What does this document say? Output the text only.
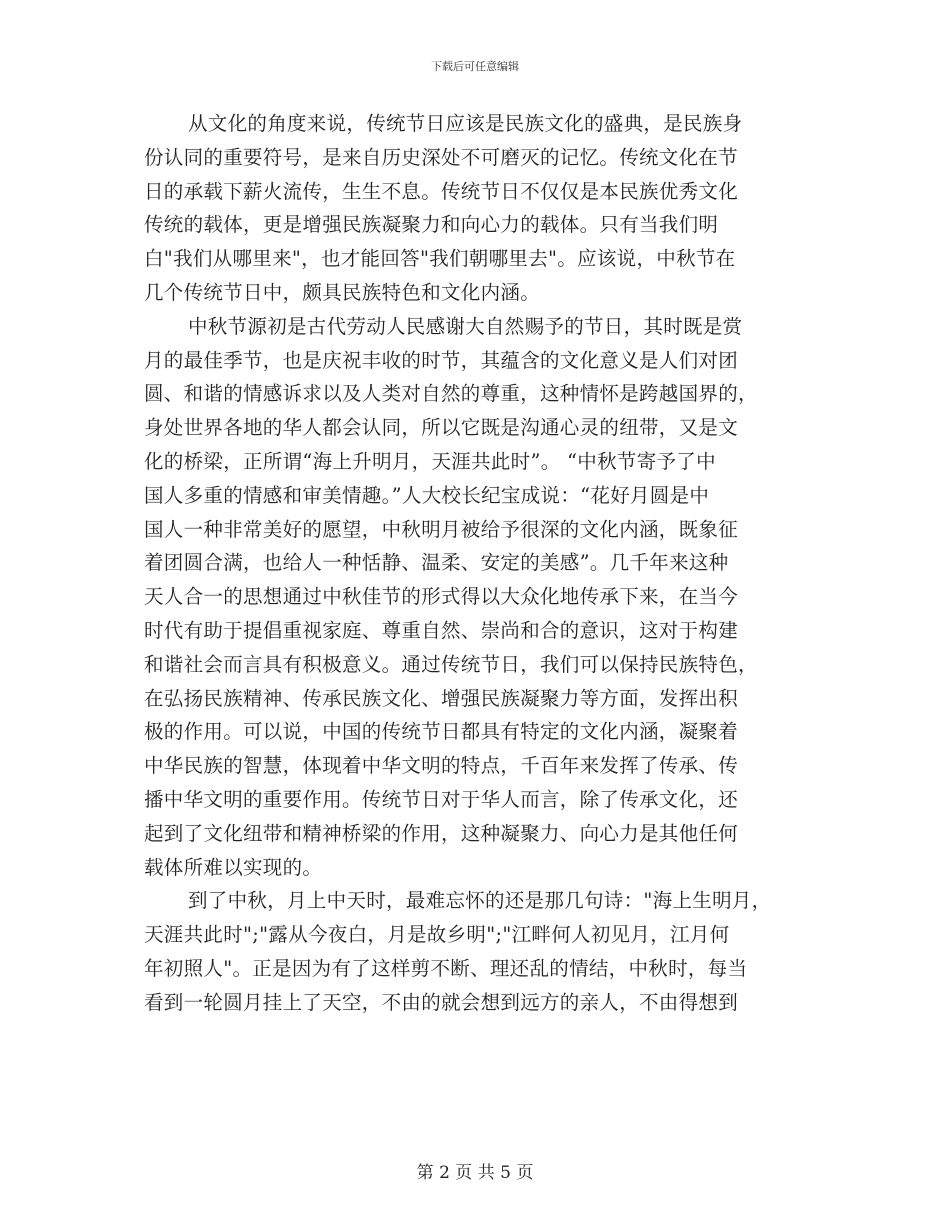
下载后可任意编辑

从文化的角度来说，传统节日应该是民族文化的盛典，是民族身

份认同的重要符号，是来自历史深处不可磨灭的记忆。传统文化在节

日的承载下薪火流传，生生不息。传统节日不仅仅是本民族优秀文化

传统的载体，更是增强民族凝聚力和向心力的载体。只有当我们明

白"我们从哪里来"，也才能回答"我们朝哪里去"。应该说，中秋节在

几个传统节日中，颇具民族特色和文化内涵。

中秋节源初是古代劳动人民感谢大自然赐予的节日，其时既是赏

月的最佳季节，也是庆祝丰收的时节，其蕴含的文化意义是人们对团

圆、和谐的情感诉求以及人类对自然的尊重，这种情怀是跨越国界的，

身处世界各地的华人都会认同，所以它既是沟通心灵的纽带，又是文

化的桥梁，正所谓“海上升明月，天涯共此时”。 “中秋节寄予了中

国人多重的情感和审美情趣。”人大校长纪宝成说：“花好月圆是中

国人一种非常美好的愿望，中秋明月被给予很深的文化内涵，既象征

着团圆合满，也给人一种恬静、温柔、安定的美感”。几千年来这种

天人合一的思想通过中秋佳节的形式得以大众化地传承下来，在当今

时代有助于提倡重视家庭、尊重自然、崇尚和合的意识，这对于构建

和谐社会而言具有积极意义。通过传统节日，我们可以保持民族特色，

在弘扬民族精神、传承民族文化、增强民族凝聚力等方面，发挥出积

极的作用。可以说，中国的传统节日都具有特定的文化内涵，凝聚着

中华民族的智慧，体现着中华文明的特点，千百年来发挥了传承、传

播中华文明的重要作用。传统节日对于华人而言，除了传承文化，还

起到了文化纽带和精神桥梁的作用，这种凝聚力、向心力是其他任何

载体所难以实现的。

到了中秋，月上中天时，最难忘怀的还是那几句诗："海上生明月，

天涯共此时";"露从今夜白，月是故乡明";"江畔何人初见月，江月何

年初照人"。正是因为有了这样剪不断、理还乱的情结，中秋时，每当

看到一轮圆月挂上了天空，不由的就会想到远方的亲人，不由得想到

第 2 页 共 5 页
